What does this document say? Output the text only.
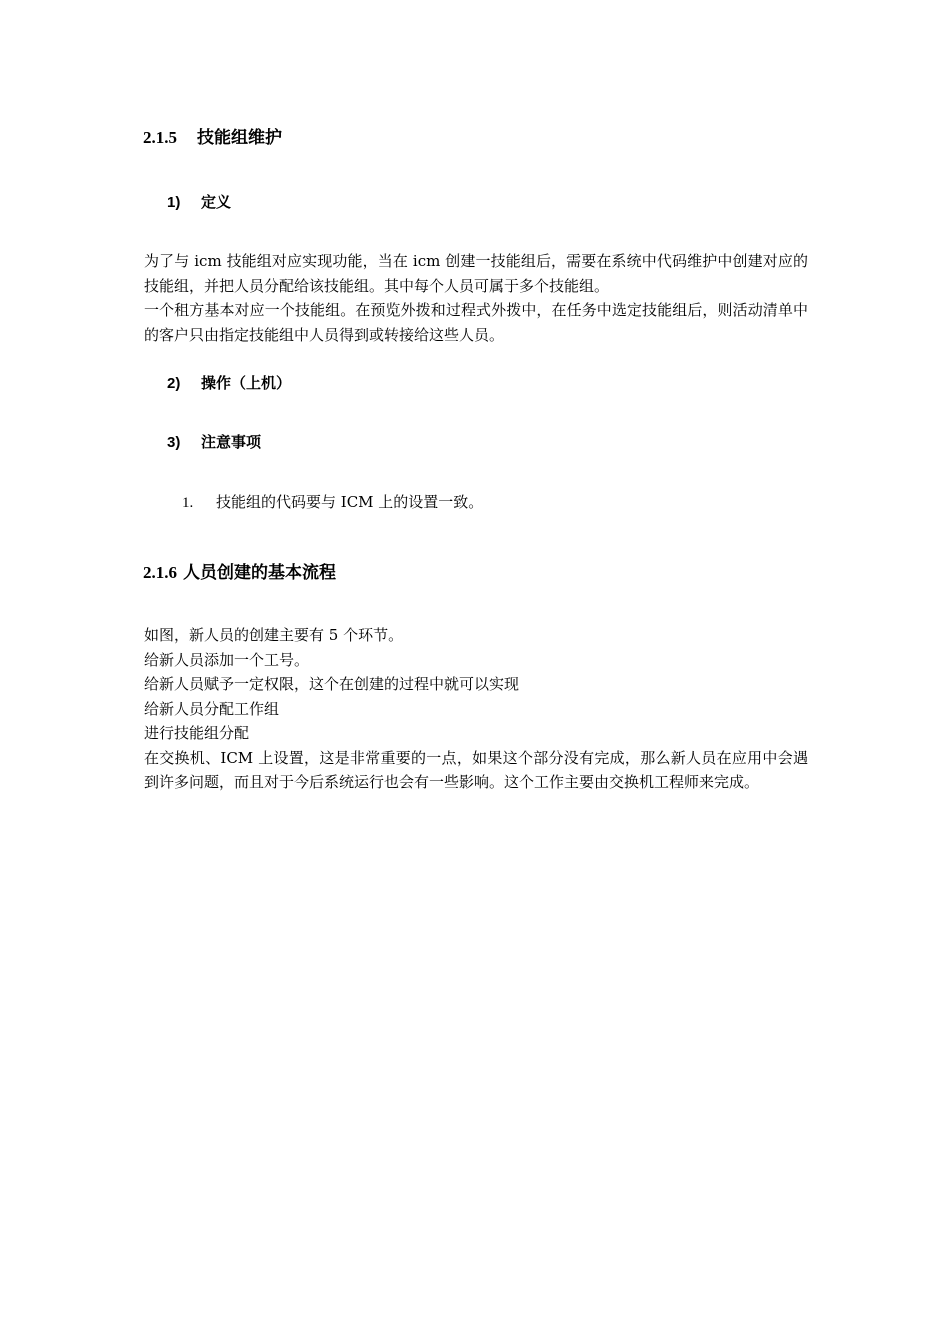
2.1.5 技能组维护
1) 定义

为了与 icm 技能组对应实现功能，当在 icm 创建一技能组后，需要在系统中代码维护中创建对应的技能组，并把人员分配给该技能组。其中每个人员可属于多个技能组。

一个租方基本对应一个技能组。在预览外拨和过程式外拨中，在任务中选定技能组后，则活动清单中的客户只由指定技能组中人员得到或转接给这些人员。

2) 操作（上机）
3) 注意事项
1. 技能组的代码要与 ICM 上的设置一致。
2.1.6 人员创建的基本流程

如图，新人员的创建主要有 5 个环节。

给新人员添加一个工号。

给新人员赋予一定权限，这个在创建的过程中就可以实现

给新人员分配工作组

进行技能组分配

在交换机、ICM 上设置，这是非常重要的一点，如果这个部分没有完成，那么新人员在应用中会遇到许多问题，而且对于今后系统运行也会有一些影响。这个工作主要由交换机工程师来完成。
